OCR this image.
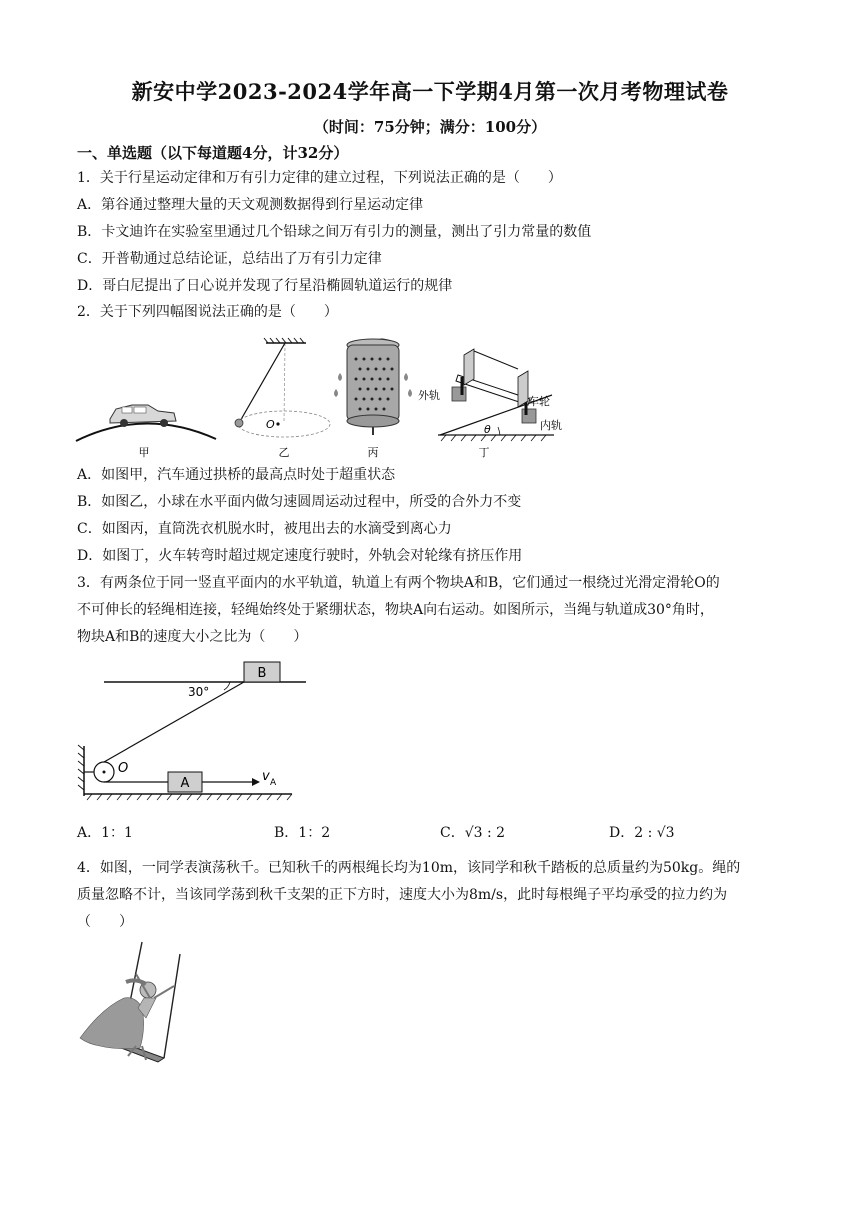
新安中学2023-2024学年高一下学期4月第一次月考物理试卷
（时间：75分钟；满分：100分）
一、单选题（以下每道题4分，计32分）
1．关于行星运动定律和万有引力定律的建立过程，下列说法正确的是（　　）
A．第谷通过整理大量的天文观测数据得到行星运动定律
B．卡文迪许在实验室里通过几个铅球之间万有引力的测量，测出了引力常量的数值
C．开普勒通过总结论证，总结出了万有引力定律
D．哥白尼提出了日心说并发现了行星沿椭圆轨道运行的规律
2．关于下列四幅图说法正确的是（　　）
甲
O
乙	丙
外轨	车轮
内轨
θ
丁
A．如图甲，汽车通过拱桥的最高点时处于超重状态
B．如图乙，小球在水平面内做匀速圆周运动过程中，所受的合外力不变
C．如图丙，直筒洗衣机脱水时，被甩出去的水滴受到离心力
D．如图丁，火车转弯时超过规定速度行驶时，外轨会对轮缘有挤压作用
3．有两条位于同一竖直平面内的水平轨道，轨道上有两个物块A和B，它们通过一根绕过光滑定滑轮O的
不可伸长的轻绳相连接，轻绳始终处于紧绷状态，物块A向右运动。如图所示，当绳与轨道成30°角时，
物块A和B的速度大小之比为（　　）
B
30°
O
A	v A
A．1：1	B．1：2	C．√3 : 2	D．2 : √3
4．如图，一同学表演荡秋千。已知秋千的两根绳长均为10m，该同学和秋千踏板的总质量约为50kg。绳的
质量忽略不计，当该同学荡到秋千支架的正下方时，速度大小为8m/s，此时每根绳子平均承受的拉力约为
（　　）
